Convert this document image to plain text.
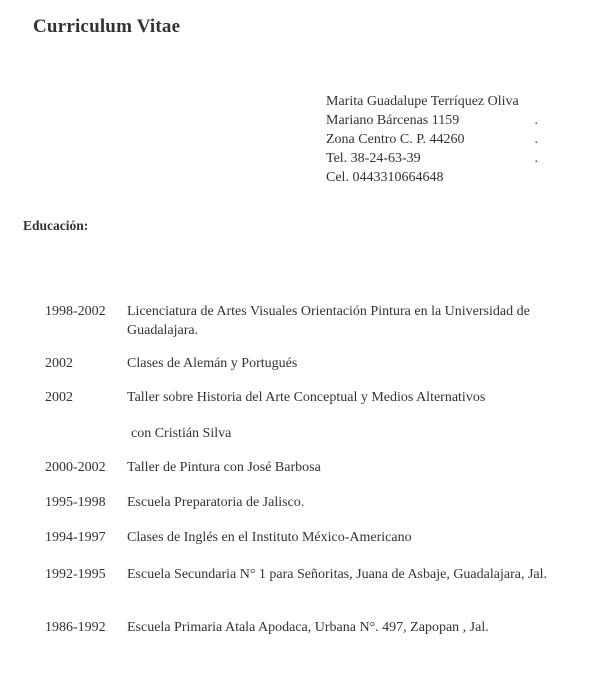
Curriculum Vitae
Marita Guadalupe Terríquez Oliva
Mariano Bárcenas 1159	.
Zona Centro C. P. 44260	.
Tel. 38-24-63-39	.
Cel. 0443310664648
Educación:
1998-2002	Licenciatura de Artes Visuales Orientación Pintura en la Universidad de Guadalajara.
2002	Clases de Alemán y Portugués
2002	Taller sobre Historia del Arte Conceptual y Medios Alternativos
con Cristián Silva
2000-2002	Taller de Pintura con José Barbosa
1995-1998	Escuela Preparatoria de Jalisco.
1994-1997	Clases de Inglés en el Instituto México-Americano
1992-1995	Escuela Secundaria N° 1 para Señoritas, Juana de Asbaje, Guadalajara, Jal.
1986-1992	Escuela Primaria Atala Apodaca, Urbana N°. 497, Zapopan , Jal.
